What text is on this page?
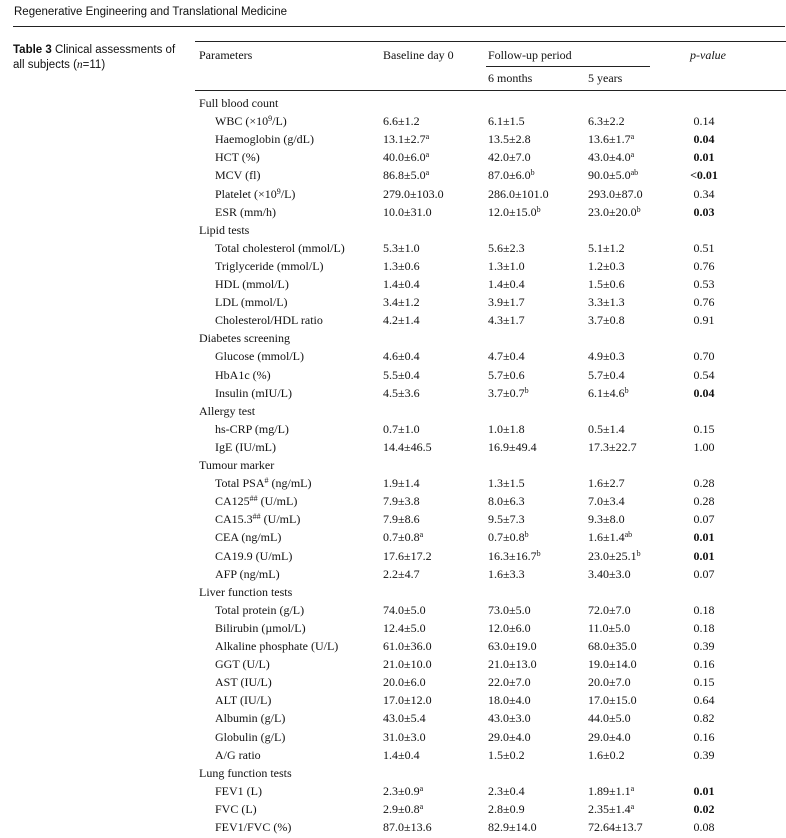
Regenerative Engineering and Translational Medicine
Table 3 Clinical assessments of all subjects (n=11)
Parameters	Baseline day 0	Follow-up period	p-value
6 months	5 years
Full blood count
WBC $(\times 10^9/L)$	6.6±1.2	6.1±1.5	6.3±2.2	0.14
Haemoglobin (g/dL)	13.1±2.7$^a$	13.5±2.8	13.6±1.7$^a$	0.04
HCT (%)	40.0±6.0$^a$	42.0±7.0	43.0±4.0$^a$	0.01
MCV (fl)	86.8±5.0$^a$	87.0±6.0$^b$	90.0±5.0$^{ab}$	<0.01
Platelet $(\times 10^9/L)$	279.0±103.0	286.0±101.0	293.0±87.0	0.34
ESR (mm/h)	10.0±31.0	12.0±15.0$^b$	23.0±20.0$^b$	0.03
Lipid tests
Total cholesterol (mmol/L)	5.3±1.0	5.6±2.3	5.1±1.2	0.51
Triglyceride (mmol/L)	1.3±0.6	1.3±1.0	1.2±0.3	0.76
HDL (mmol/L)	1.4±0.4	1.4±0.4	1.5±0.6	0.53
LDL (mmol/L)	3.4±1.2	3.9±1.7	3.3±1.3	0.76
Cholesterol/HDL ratio	4.2±1.4	4.3±1.7	3.7±0.8	0.91
Diabetes screening
Glucose (mmol/L)	4.6±0.4	4.7±0.4	4.9±0.3	0.70
HbA1c (%)	5.5±0.4	5.7±0.6	5.7±0.4	0.54
Insulin (mIU/L)	4.5±3.6	3.7±0.7$^b$	6.1±4.6$^b$	0.04
Allergy test
hs-CRP (mg/L)	0.7±1.0	1.0±1.8	0.5±1.4	0.15
IgE (IU/mL)	14.4±46.5	16.9±49.4	17.3±22.7	1.00
Tumour marker
Total PSA# (ng/mL)	1.9±1.4	1.3±1.5	1.6±2.7	0.28
CA125## (U/mL)	7.9±3.8	8.0±6.3	7.0±3.4	0.28
CA15.3## (U/mL)	7.9±8.6	9.5±7.3	9.3±8.0	0.07
CEA (ng/mL)	0.7±0.8$^a$	0.7±0.8$^b$	1.6±1.4$^{ab}$	0.01
CA19.9 (U/mL)	17.6±17.2	16.3±16.7$^b$	23.0±25.1$^b$	0.01
AFP (ng/mL)	2.2±4.7	1.6±3.3	3.40±3.0	0.07
Liver function tests
Total protein (g/L)	74.0±5.0	73.0±5.0	72.0±7.0	0.18
Bilirubin (µmol/L)	12.4±5.0	12.0±6.0	11.0±5.0	0.18
Alkaline phosphate (U/L)	61.0±36.0	63.0±19.0	68.0±35.0	0.39
GGT (U/L)	21.0±10.0	21.0±13.0	19.0±14.0	0.16
AST (IU/L)	20.0±6.0	22.0±7.0	20.0±7.0	0.15
ALT (IU/L)	17.0±12.0	18.0±4.0	17.0±15.0	0.64
Albumin (g/L)	43.0±5.4	43.0±3.0	44.0±5.0	0.82
Globulin (g/L)	31.0±3.0	29.0±4.0	29.0±4.0	0.16
A/G ratio	1.4±0.4	1.5±0.2	1.6±0.2	0.39
Lung function tests
FEV1 (L)	2.3±0.9$^a$	2.3±0.4	1.89±1.1$^a$	0.01
FVC (L)	2.9±0.8$^a$	2.8±0.9	2.35±1.4$^a$	0.02
FEV1/FVC (%)	87.0±13.6	82.9±14.0	72.64±13.7	0.08
